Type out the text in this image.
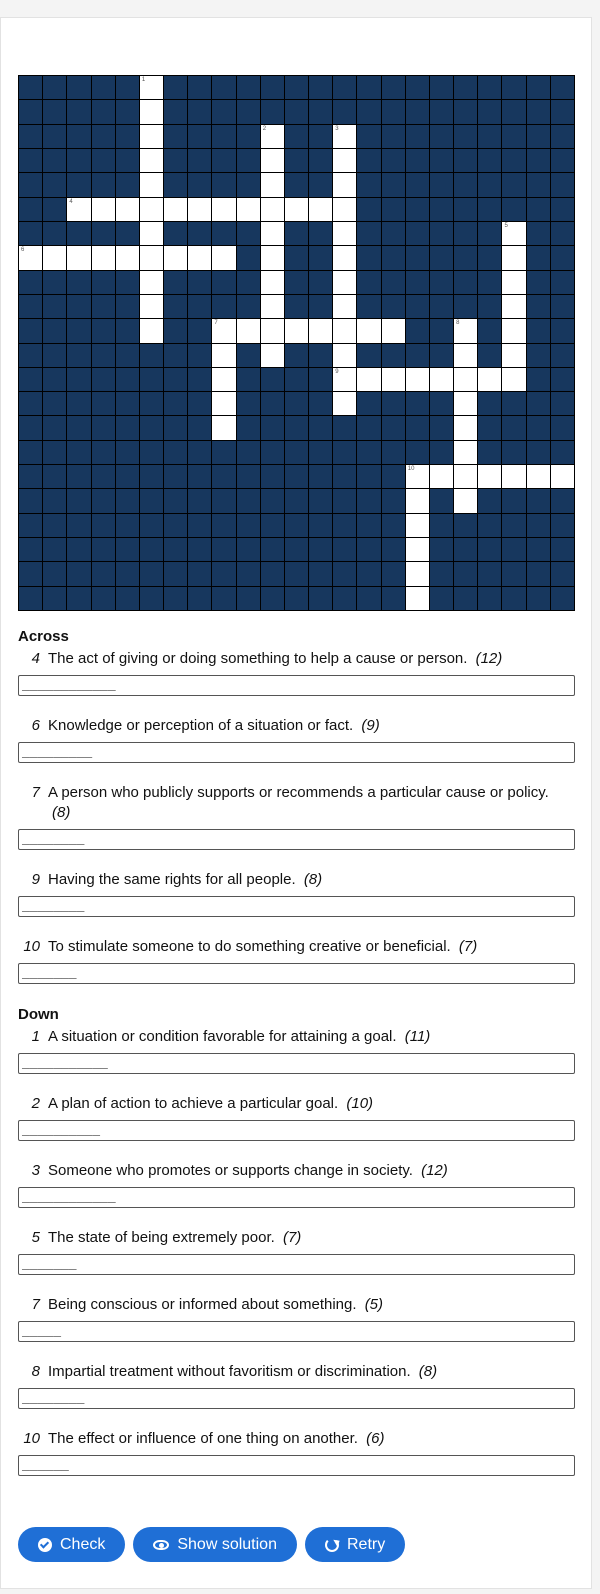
1
2	3
4
5
6
7	8
9
10
Across
4 The act of giving or doing something to help a cause or person. (12)
____________
6 Knowledge or perception of a situation or fact. (9)
_________
7 A person who publicly supports or recommends a particular cause or policy. (8)
________
9 Having the same rights for all people. (8)
________
10 To stimulate someone to do something creative or beneficial. (7)
_______
Down
1 A situation or condition favorable for attaining a goal. (11)
___________
2 A plan of action to achieve a particular goal. (10)
__________
3 Someone who promotes or supports change in society. (12)
____________
5 The state of being extremely poor. (7)
_______
7 Being conscious or informed about something. (5)
_____
8 Impartial treatment without favoritism or discrimination. (8)
________
10 The effect or influence of one thing on another. (6)
______
Check	Show solution	Retry
